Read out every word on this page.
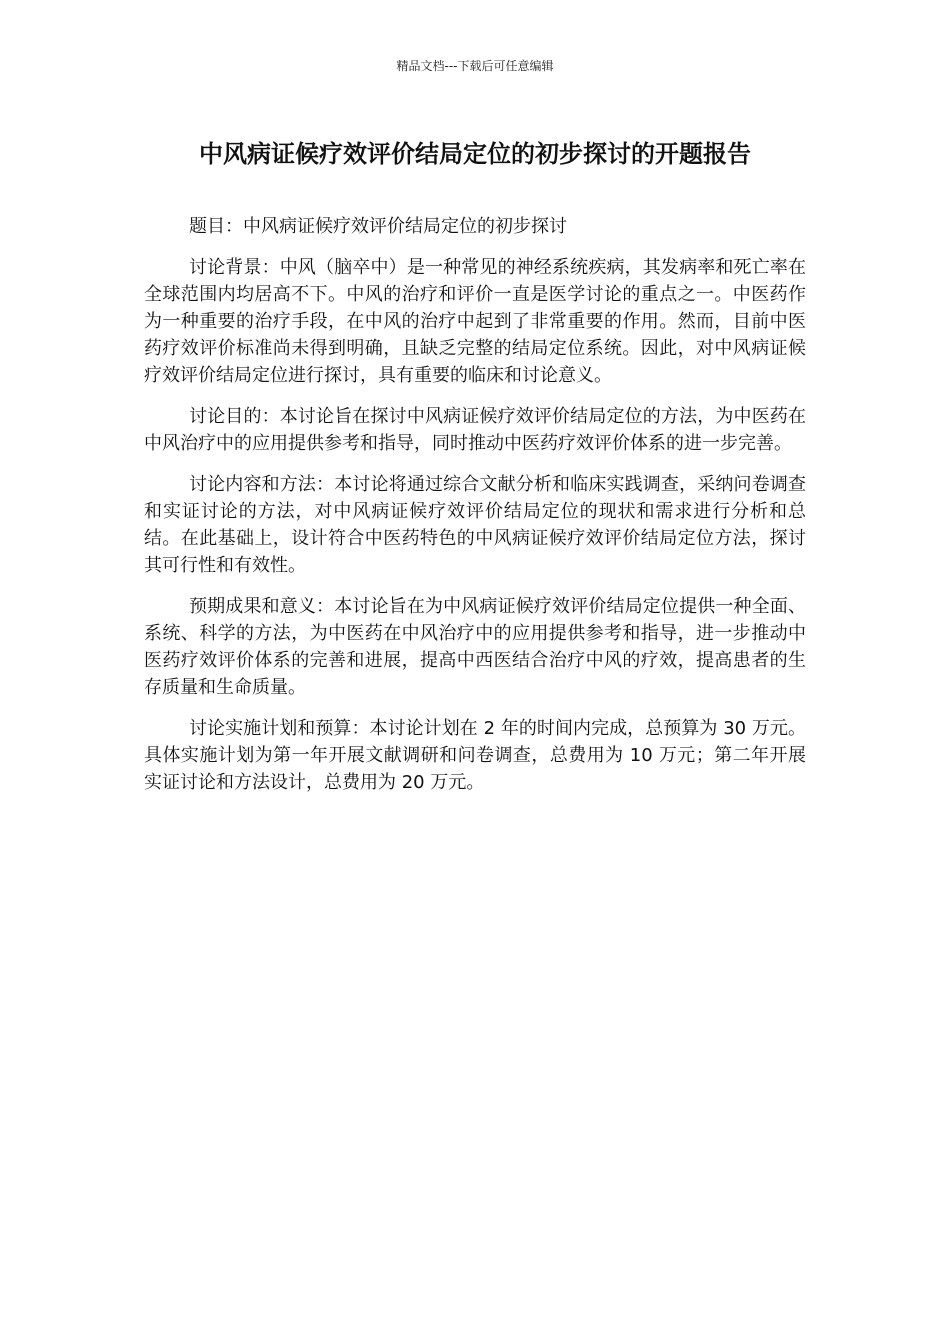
精品文档---下载后可任意编辑
中风病证候疗效评价结局定位的初步探讨的开题报告

题目：中风病证候疗效评价结局定位的初步探讨

讨论背景：中风（脑卒中）是一种常见的神经系统疾病，其发病率和死亡率在全球范围内均居高不下。中风的治疗和评价一直是医学讨论的重点之一。中医药作为一种重要的治疗手段，在中风的治疗中起到了非常重要的作用。然而，目前中医药疗效评价标准尚未得到明确，且缺乏完整的结局定位系统。因此，对中风病证候疗效评价结局定位进行探讨，具有重要的临床和讨论意义。

讨论目的：本讨论旨在探讨中风病证候疗效评价结局定位的方法，为中医药在中风治疗中的应用提供参考和指导，同时推动中医药疗效评价体系的进一步完善。

讨论内容和方法：本讨论将通过综合文献分析和临床实践调查，采纳问卷调查和实证讨论的方法，对中风病证候疗效评价结局定位的现状和需求进行分析和总结。在此基础上，设计符合中医药特色的中风病证候疗效评价结局定位方法，探讨其可行性和有效性。

预期成果和意义：本讨论旨在为中风病证候疗效评价结局定位提供一种全面、系统、科学的方法，为中医药在中风治疗中的应用提供参考和指导，进一步推动中医药疗效评价体系的完善和进展，提高中西医结合治疗中风的疗效，提高患者的生存质量和生命质量。

讨论实施计划和预算：本讨论计划在 2 年的时间内完成，总预算为 30 万元。具体实施计划为第一年开展文献调研和问卷调查，总费用为 10 万元；第二年开展实证讨论和方法设计，总费用为 20 万元。
